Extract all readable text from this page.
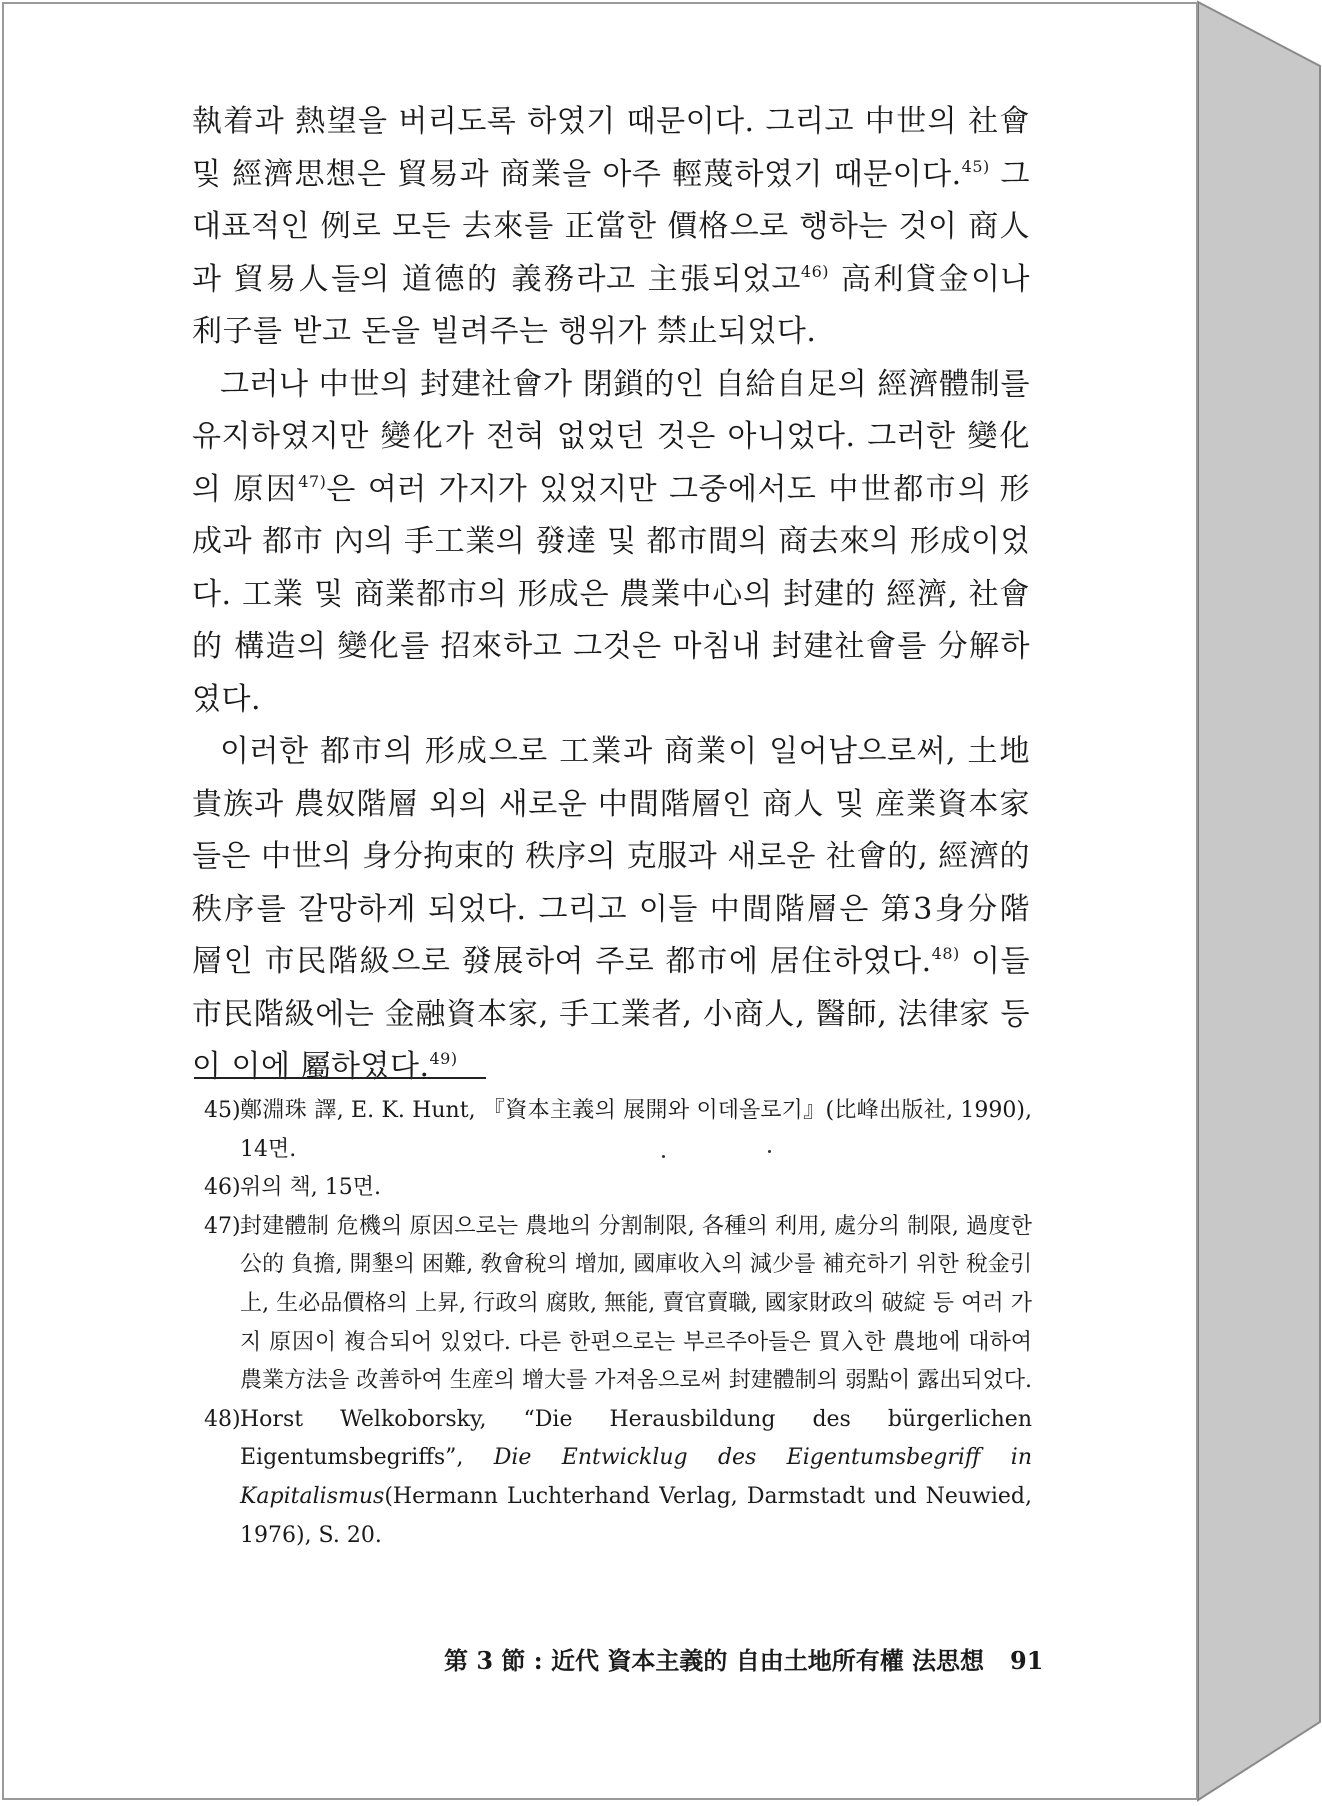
執着과 熱望을 버리도록 하였기 때문이다. 그리고 中世의 社會 및 經濟思想은 貿易과 商業을 아주 輕蔑하였기 때문이다.$^{45)}$ 그 대표적인 例로 모든 去來를 正當한 價格으로 행하는 것이 商人과 貿易人들의 道德的 義務라고 主張되었고$^{46)}$ 高利貸金이나 利子를 받고 돈을 빌려주는 행위가 禁止되었다.

그러나 中世의 封建社會가 閉鎖的인 自給自足의 經濟體制를 유지하였지만 變化가 전혀 없었던 것은 아니었다. 그러한 變化의 原因$^{47)}$은 여러 가지가 있었지만 그중에서도 中世都市의 形成과 都市 內의 手工業의 發達 및 都市間의 商去來의 形成이었다. 工業 및 商業都市의 形成은 農業中心의 封建的 經濟, 社會的 構造의 變化를 招來하고 그것은 마침내 封建社會를 分解하였다.

이러한 都市의 形成으로 工業과 商業이 일어남으로써, 土地貴族과 農奴階層 외의 새로운 中間階層인 商人 및 産業資本家들은 中世의 身分拘束的 秩序의 克服과 새로운 社會的, 經濟的 秩序를 갈망하게 되었다. 그리고 이들 中間階層은 第3身分階層인 市民階級으로 發展하여 주로 都市에 居住하였다.$^{48)}$ 이들 市民階級에는 金融資本家, 手工業者, 小商人, 醫師, 法律家 등이 이에 屬하였다.$^{49)}$

45) 鄭淵珠 譯, E. K. Hunt, 『資本主義의 展開와 이데올로기』(比峰出版社, 1990), 14면.

46) 위의 책, 15면.

47) 封建體制 危機의 原因으로는 農地의 分割制限, 各種의 利用, 處分의 制限, 過度한 公的 負擔, 開墾의 困難, 敎會稅의 增加, 國庫收入의 減少를 補充하기 위한 稅金引上, 生必品價格의 上昇, 行政의 腐敗, 無能, 賣官賣職, 國家財政의 破綻 등 여러 가지 原因이 複合되어 있었다. 다른 한편으로는 부르주아들은 買入한 農地에 대하여 農業方法을 改善하여 生産의 增大를 가져옴으로써 封建體制의 弱點이 露出되었다.

48) Horst Welkoborsky, “Die Herausbildung des bürgerlichen Eigentumsbegriffs”, Die Entwicklug des Eigentumsbegriff in Kapitalismus(Hermann Luchterhand Verlag, Darmstadt und Neuwied, 1976), S. 20.

第 3 節 : 近代 資本主義的 自由土地所有權 法思想 91
